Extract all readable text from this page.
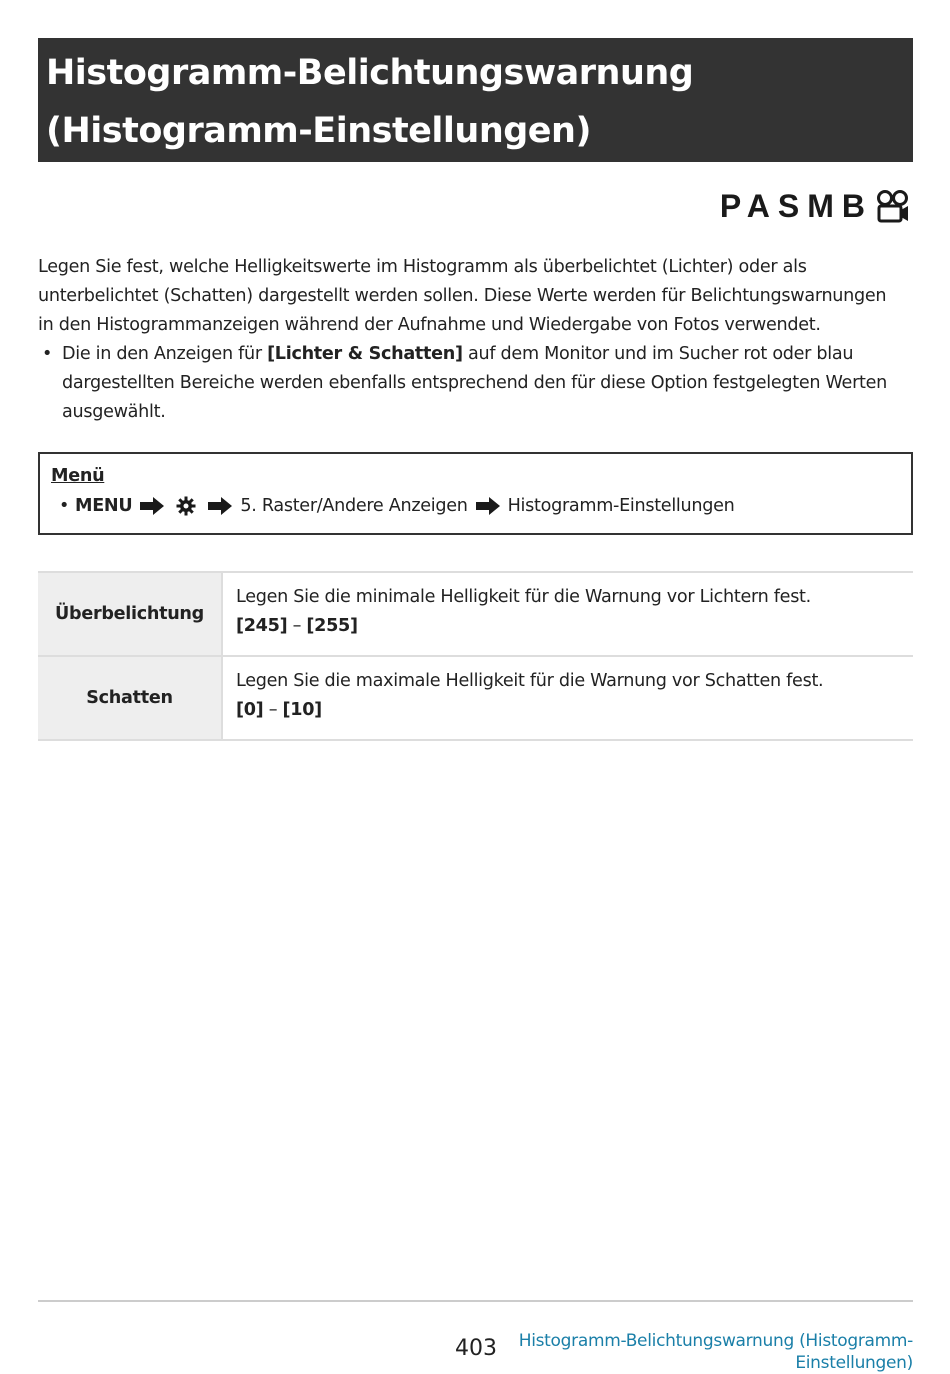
Histogramm-Belichtungswarnung
(Histogramm-Einstellungen)
PASMB

Legen Sie fest, welche Helligkeitswerte im Histogramm als überbelichtet (Lichter) oder als unterbelichtet (Schatten) dargestellt werden sollen. Diese Werte werden für Belichtungswarnungen in den Histogrammanzeigen während der Aufnahme und Wiedergabe von Fotos verwendet.

• Die in den Anzeigen für [Lichter & Schatten] auf dem Monitor und im Sucher rot oder blau dargestellten Bereiche werden ebenfalls entsprechend den für diese Option festgelegten Werten ausgewählt.
Menü
• MENU	5. Raster/Andere Anzeigen Histogramm-Einstellungen
Überbelichtung
Legen Sie die minimale Helligkeit für die Warnung vor Lichtern fest.
[245] – [255]
Schatten
Legen Sie die maximale Helligkeit für die Warnung vor Schatten fest.
[0] – [10]
403	Histogramm-Belichtungswarnung (Histogramm-
Einstellungen)
